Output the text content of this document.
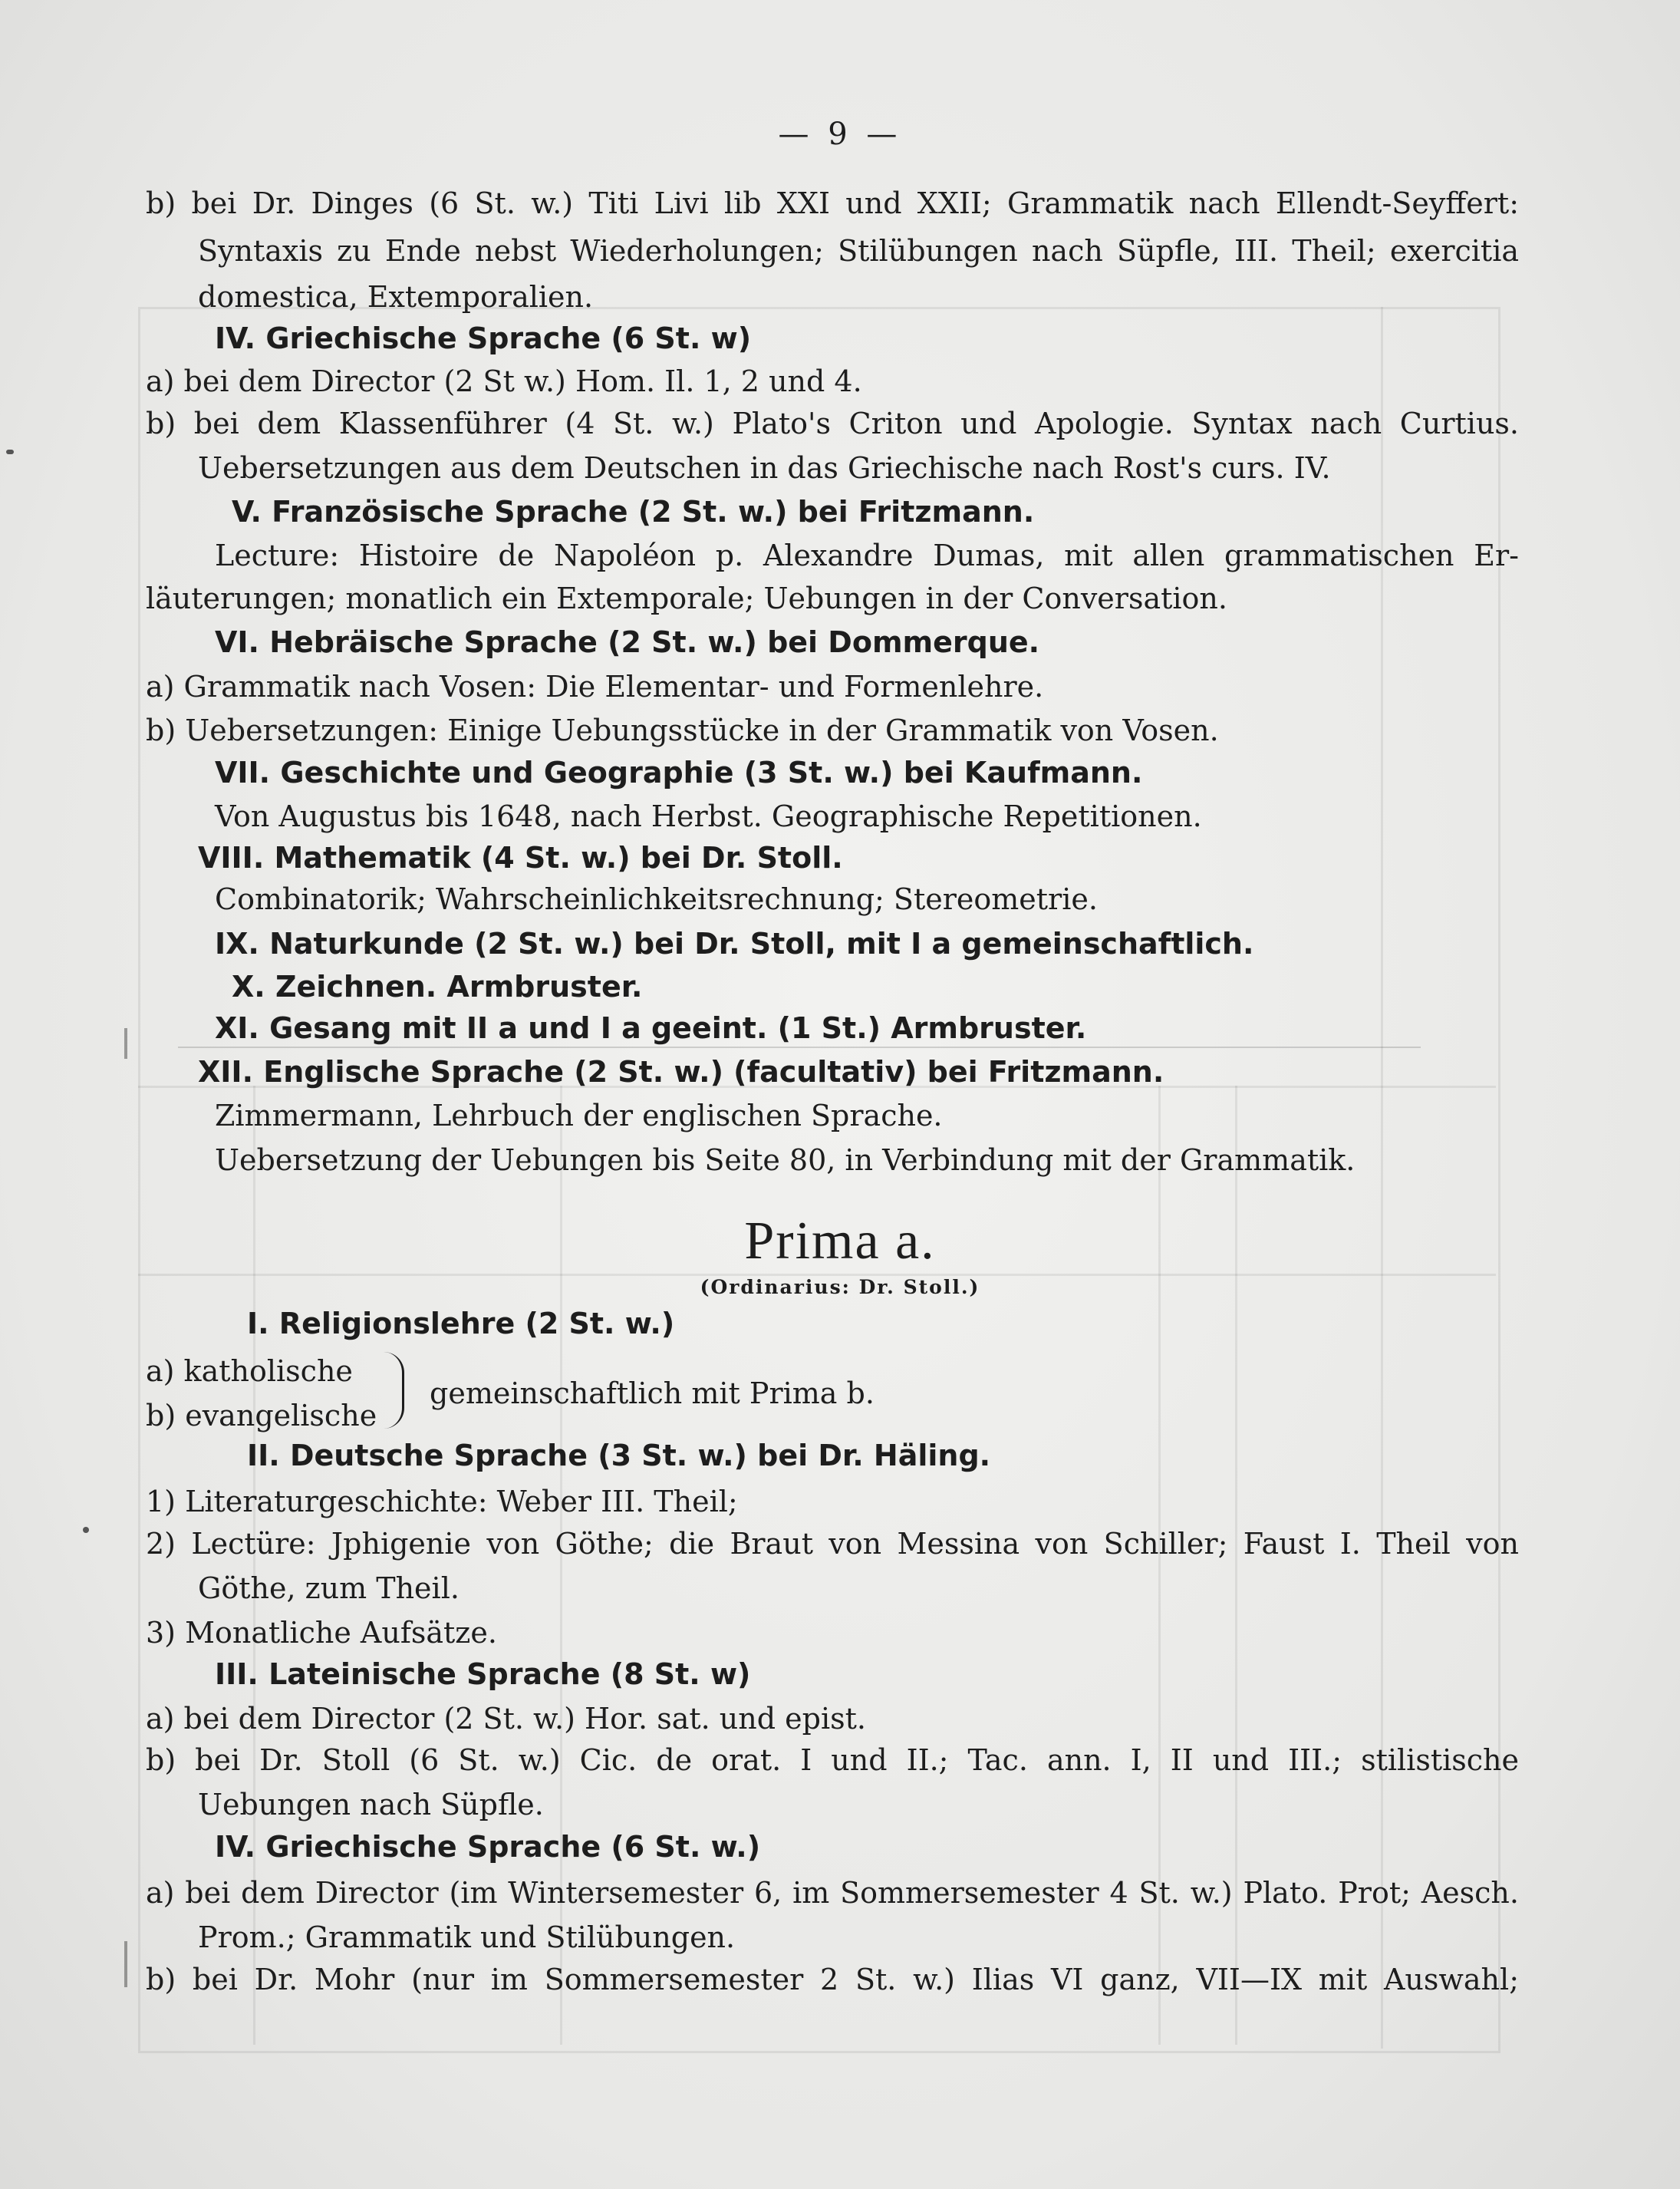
— 9 —
b) bei Dr. Dinges (6 St. w.) Titi Livi lib XXI und XXII; Grammatik nach Ellendt-Seyffert:
Syntaxis zu Ende nebst Wiederholungen; Stilübungen nach Süpfle, III. Theil; exercitia
domestica, Extemporalien.
IV. Griechische Sprache (6 St. w)
a) bei dem Director (2 St w.) Hom. Il. 1, 2 und 4.
b) bei dem Klassenführer (4 St. w.) Plato's Criton und Apologie. Syntax nach Curtius.
Uebersetzungen aus dem Deutschen in das Griechische nach Rost's curs. IV.
V. Französische Sprache (2 St. w.) bei Fritzmann.
Lecture: Histoire de Napoléon p. Alexandre Dumas, mit allen grammatischen Er-
läuterungen; monatlich ein Extemporale; Uebungen in der Conversation.
VI. Hebräische Sprache (2 St. w.) bei Dommerque.
a) Grammatik nach Vosen: Die Elementar- und Formenlehre.
b) Uebersetzungen: Einige Uebungsstücke in der Grammatik von Vosen.
VII. Geschichte und Geographie (3 St. w.) bei Kaufmann.
Von Augustus bis 1648, nach Herbst. Geographische Repetitionen.
VIII. Mathematik (4 St. w.) bei Dr. Stoll.
Combinatorik; Wahrscheinlichkeitsrechnung; Stereometrie.
IX. Naturkunde (2 St. w.) bei Dr. Stoll, mit I a gemeinschaftlich.
X. Zeichnen. Armbruster.
XI. Gesang mit II a und I a geeint. (1 St.) Armbruster.
XII. Englische Sprache (2 St. w.) (facultativ) bei Fritzmann.
Zimmermann, Lehrbuch der englischen Sprache.
Uebersetzung der Uebungen bis Seite 80, in Verbindung mit der Grammatik.
Prima a.
(Ordinarius: Dr. Stoll.)
I. Religionslehre (2 St. w.)
a) katholische
b) evangelische
gemeinschaftlich mit Prima b.
II. Deutsche Sprache (3 St. w.) bei Dr. Häling.
1) Literaturgeschichte: Weber III. Theil;
2) Lectüre: Jphigenie von Göthe; die Braut von Messina von Schiller; Faust I. Theil von
Göthe, zum Theil.
3) Monatliche Aufsätze.
III. Lateinische Sprache (8 St. w)
a) bei dem Director (2 St. w.) Hor. sat. und epist.
b) bei Dr. Stoll (6 St. w.) Cic. de orat. I und II.; Tac. ann. I, II und III.; stilistische
Uebungen nach Süpfle.
IV. Griechische Sprache (6 St. w.)
a) bei dem Director (im Wintersemester 6, im Sommersemester 4 St. w.) Plato. Prot; Aesch.
Prom.; Grammatik und Stilübungen.
b) bei Dr. Mohr (nur im Sommersemester 2 St. w.) Ilias VI ganz, VII—IX mit Auswahl;
